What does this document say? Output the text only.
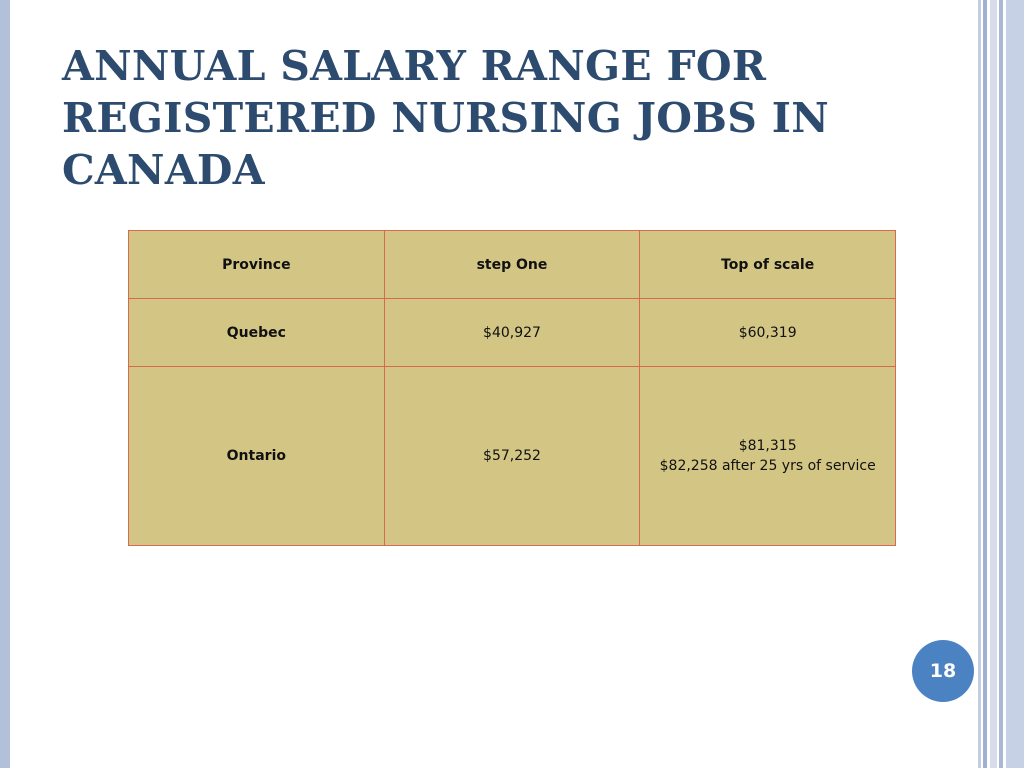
ANNUAL SALARY RANGE FOR
REGISTERED NURSING JOBS IN
CANADA
Province	step One	Top of scale
Quebec	$40,927	$60,319

Ontario	$57,252	$81,315
$82,258 after 25 yrs of service
18
